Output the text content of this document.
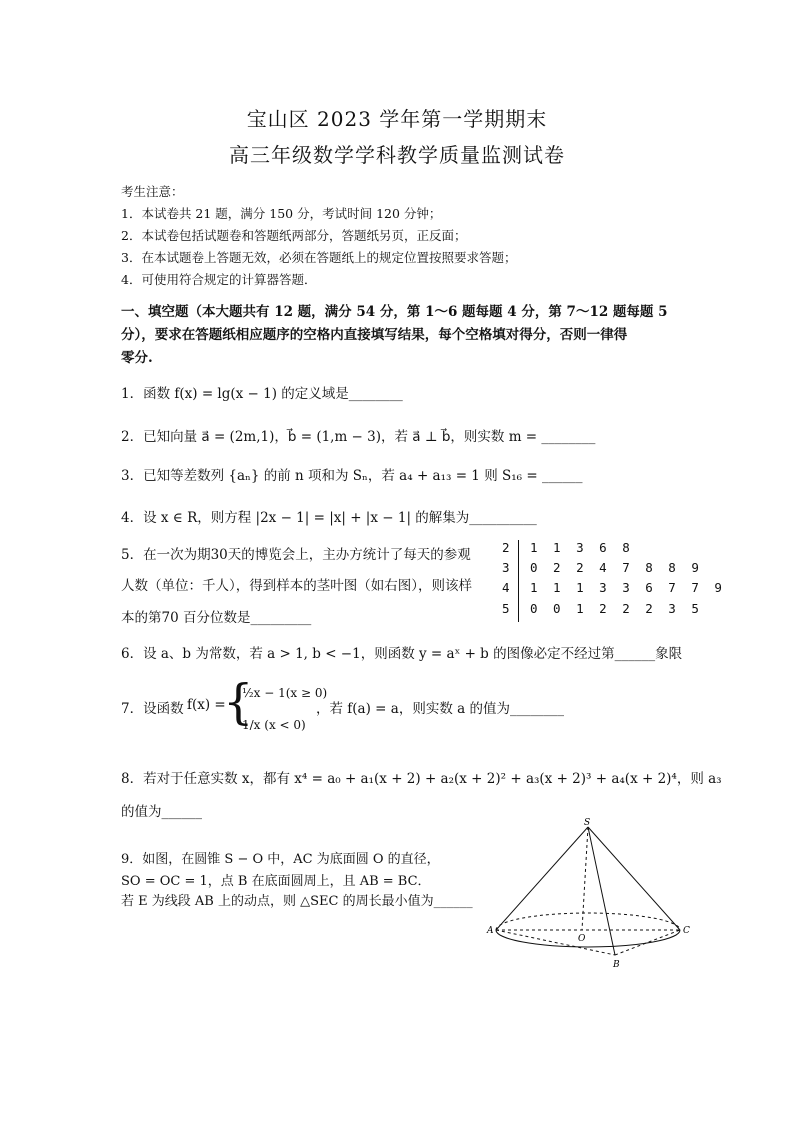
宝山区 2023 学年第一学期期末
高三年级数学学科教学质量监测试卷
考生注意：
1．本试卷共 21 题，满分 150 分，考试时间 120 分钟；
2．本试卷包括试题卷和答题纸两部分，答题纸另页，正反面；
3．在本试题卷上答题无效，必须在答题纸上的规定位置按照要求答题；
4．可使用符合规定的计算器答题．
一、填空题（本大题共有 12 题，满分 54 分，第 1～6 题每题 4 分，第 7～12 题每题 5
分），要求在答题纸相应题序的空格内直接填写结果，每个空格填对得分，否则一律得
零分.
1．函数 f(x) = lg(x − 1) 的定义域是________
2．已知向量 a⃗ = (2m,1)，b⃗ = (1,m − 3)，若 a⃗ ⊥ b⃗，则实数 m = ________
3．已知等差数列 {aₙ} 的前 n 项和为 Sₙ，若 a₄ + a₁₃ = 1 则 S₁₆ = ______
4．设 x ∈ R，则方程 |2x − 1| = |x| + |x − 1| 的解集为__________
5．在一次为期30天的博览会上，主办方统计了每天的参观
人数（单位：千人），得到样本的茎叶图（如右图），则该样
本的第70 百分位数是_________
2 1 1 3 6 8
3 0 2 2 4 7 8 8 9
4 1 1 1 3 3 6 7 7 9
5 0 0 1 2 2 2 3 5
6．设 a、b 为常数，若 a > 1, b < −1，则函数 y = aˣ + b 的图像必定不经过第______象限
7．设函数 f(x) =
{
½x − 1(x ≥ 0)
1/x (x < 0)
，若 f(a) = a，则实数 a 的值为________
8．若对于任意实数 x，都有 x⁴ = a₀ + a₁(x + 2) + a₂(x + 2)² + a₃(x + 2)³ + a₄(x + 2)⁴，则 a₃
的值为______
9．如图，在圆锥 S − O 中，AC 为底面圆 O 的直径，
SO = OC = 1，点 B 在底面圆周上，且 AB = BC．
若 E 为线段 AB 上的动点，则 △SEC 的周长最小值为______
S
A
O
C
B
